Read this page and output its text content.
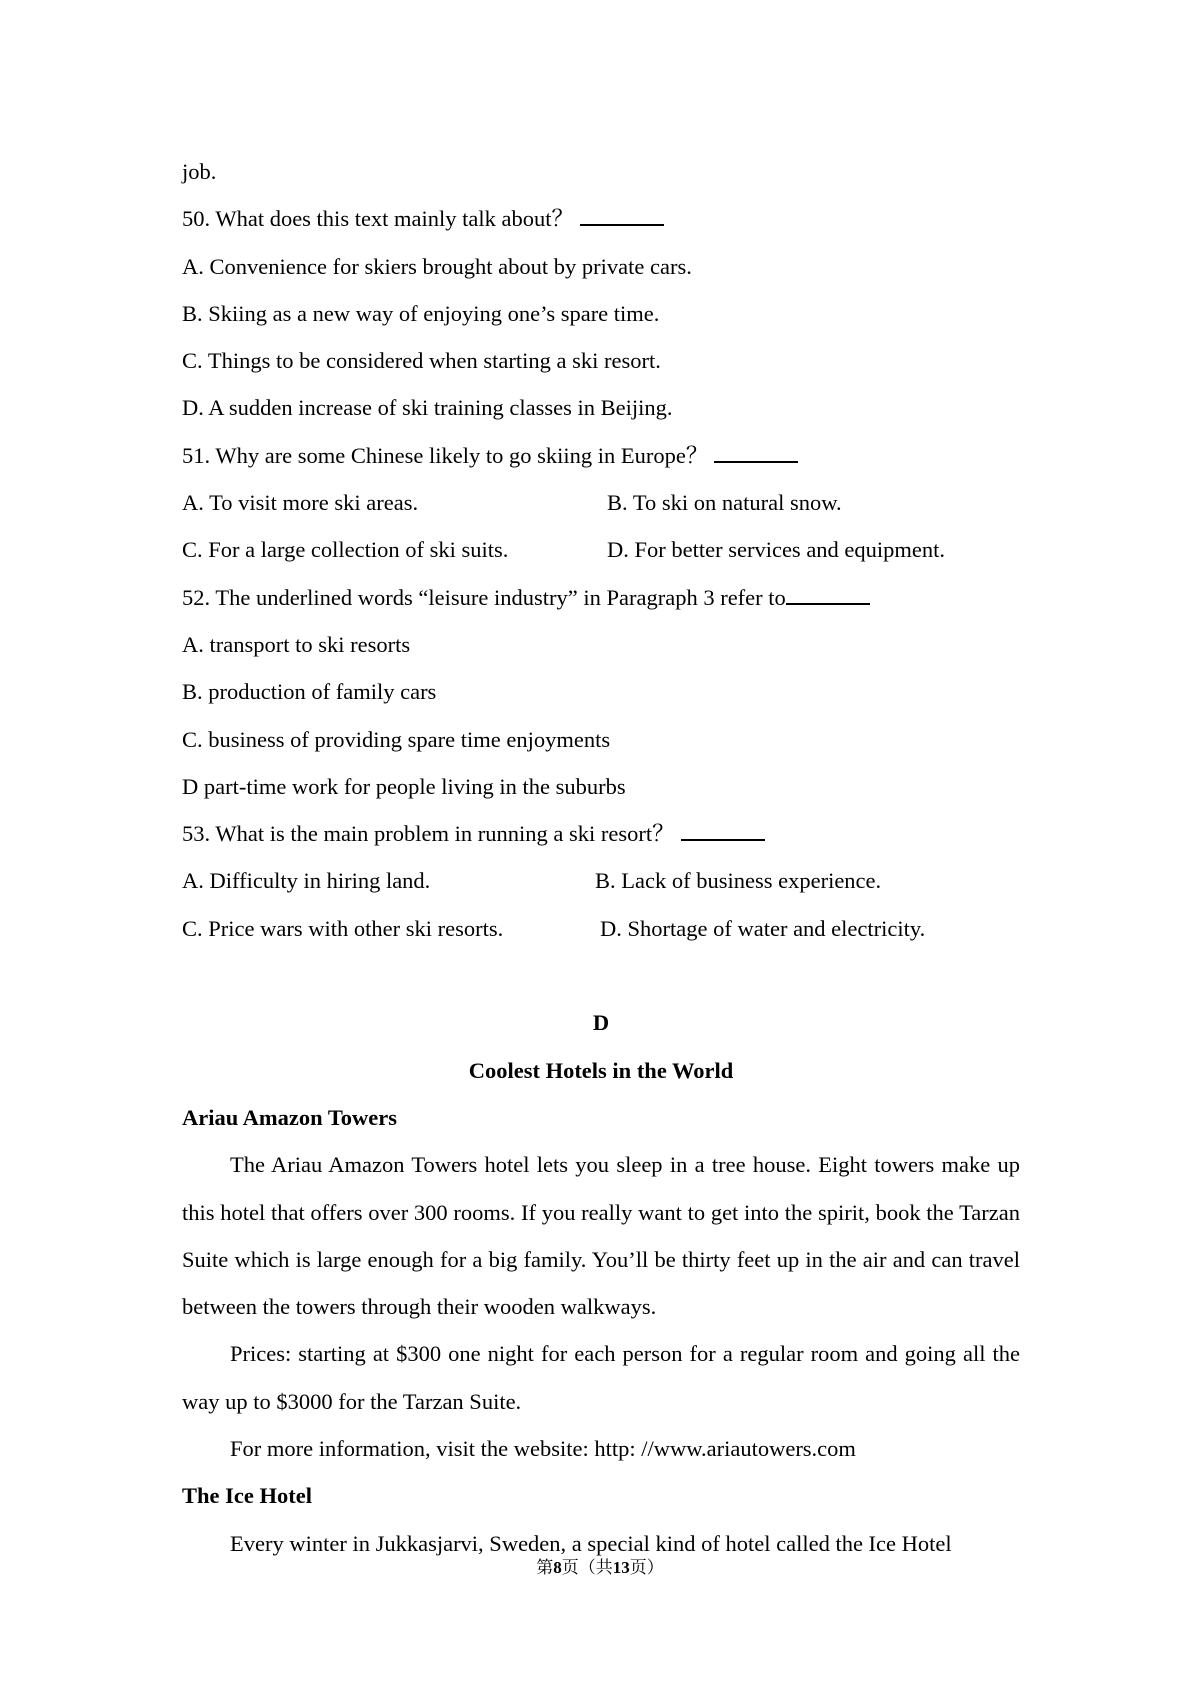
job.
50. What does this text mainly talk about？
A. Convenience for skiers brought about by private cars.
B. Skiing as a new way of enjoying one’s spare time.
C. Things to be considered when starting a ski resort.
D. A sudden increase of ski training classes in Beijing.
51. Why are some Chinese likely to go skiing in Europe？
A. To visit more ski areas.	B. To ski on natural snow.
C. For a large collection of ski suits.	D. For better services and equipment.
52. The underlined words “leisure industry” in Paragraph 3 refer to
A. transport to ski resorts
B. production of family cars
C. business of providing spare time enjoyments
D part-time work for people living in the suburbs
53. What is the main problem in running a ski resort？
A. Difficulty in hiring land.	B. Lack of business experience.
C. Price wars with other ski resorts.	D. Shortage of water and electricity.
D
Coolest Hotels in the World
Ariau Amazon Towers

The Ariau Amazon Towers hotel lets you sleep in a tree house. Eight towers make up this hotel that offers over 300 rooms. If you really want to get into the spirit, book the Tarzan Suite which is large enough for a big family. You’ll be thirty feet up in the air and can travel between the towers through their wooden walkways.

Prices: starting at $300 one night for each person for a regular room and going all the way up to $3000 for the Tarzan Suite.

For more information, visit the website: http: //www.ariautowers.com

The Ice Hotel

Every winter in Jukkasjarvi, Sweden, a special kind of hotel called the Ice Hotel

第8页（共13页）
